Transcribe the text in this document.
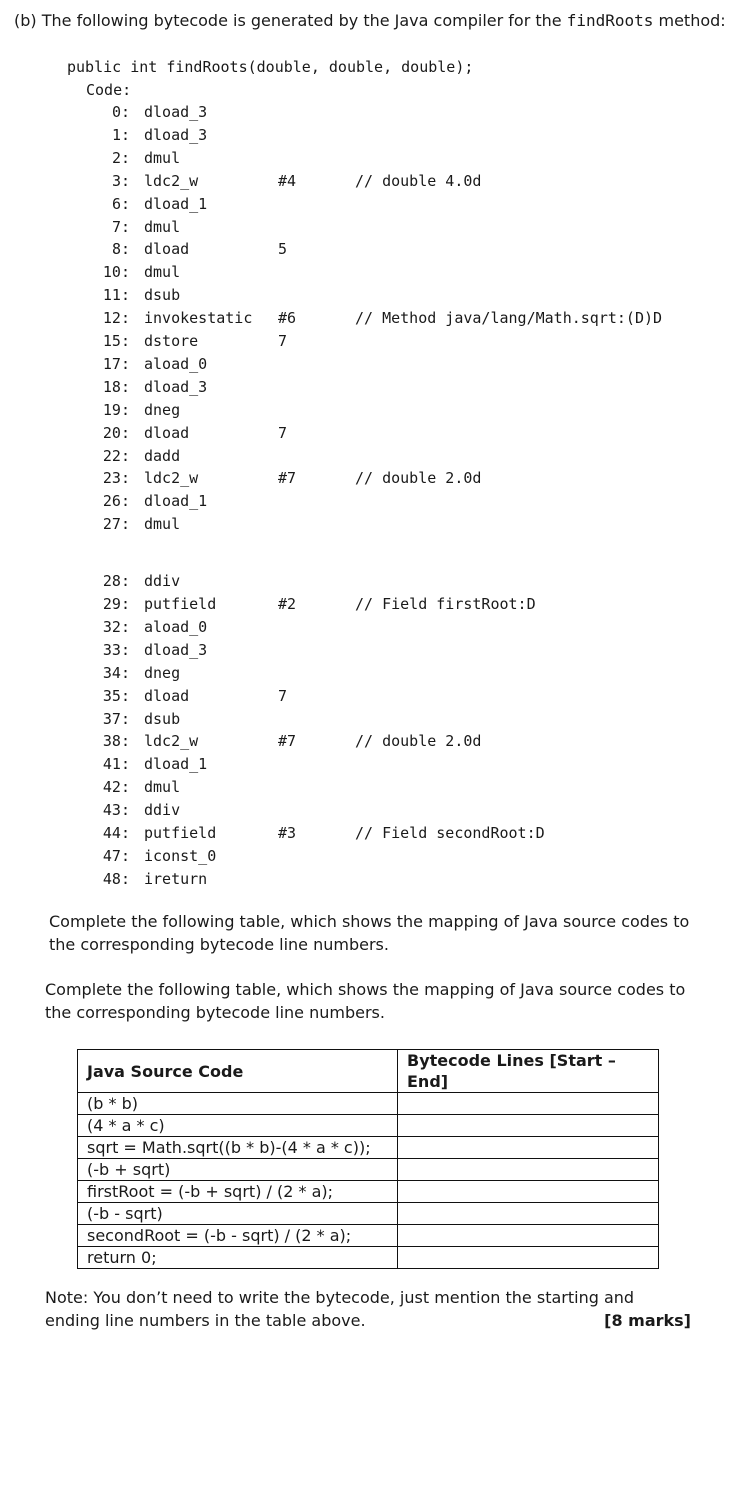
(b) The following bytecode is generated by the Java compiler for the findRoots method:
public int findRoots(double, double, double);
Code:
0: dload_3
1: dload_3
2: dmul
3: ldc2_w	#4	// double 4.0d
6: dload_1
7: dmul
8: dload	5
10: dmul
11: dsub
12: invokestatic #6	// Method java/lang/Math.sqrt:(D)D
15: dstore	7
17: aload_0
18: dload_3
19: dneg
20: dload	7
22: dadd
23: ldc2_w	#7	// double 2.0d
26: dload_1
27: dmul
28: ddiv
29: putfield	#2	// Field firstRoot:D
32: aload_0
33: dload_3
34: dneg
35: dload	7
37: dsub
38: ldc2_w	#7	// double 2.0d
41: dload_1
42: dmul
43: ddiv
44: putfield	#3	// Field secondRoot:D
47: iconst_0
48: ireturn
Complete the following table, which shows the mapping of Java source codes to the corresponding bytecode line numbers.
Complete the following table, which shows the mapping of Java source codes to the corresponding bytecode line numbers.
Java Source Code	Bytecode Lines [Start – End]
(b * b)	
(4 * a * c)	
sqrt = Math.sqrt((b * b)-(4 * a * c));	
(-b + sqrt)	
firstRoot = (-b + sqrt) / (2 * a);	
(-b - sqrt)	
secondRoot = (-b - sqrt) / (2 * a);	
return 0;	
Note: You don’t need to write the bytecode, just mention the starting and ending line numbers in the table above.	[8 marks]
